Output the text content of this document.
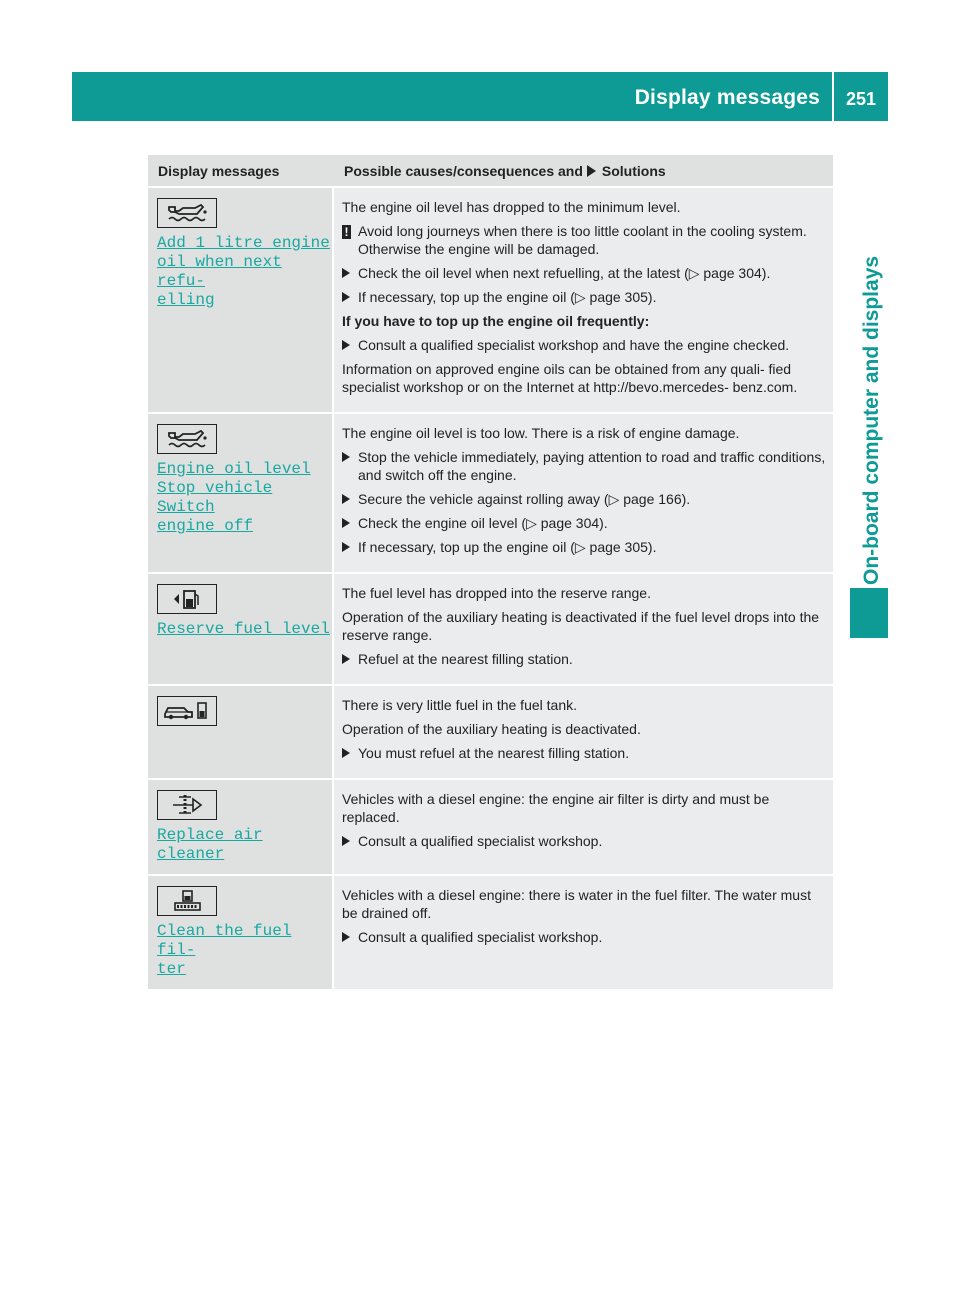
Display messages 251
On-board computer and displays
Display messages	Possible causes/consequences and Solutions
Add 1 litre engine
oil when next refu‐
elling
The engine oil level has dropped to the minimum level.
! Avoid long journeys when there is too little coolant in the cooling system. Otherwise the engine will be damaged.
Check the oil level when next refuelling, at the latest (▷ page 304).
If necessary, top up the engine oil (▷ page 305).
If you have to top up the engine oil frequently:
Consult a qualified specialist workshop and have the engine checked.
Information on approved engine oils can be obtained from any quali‐ fied specialist workshop or on the Internet at http://bevo.mercedes‐ benz.com.
Engine oil level
Stop vehicle Switch
engine off
The engine oil level is too low. There is a risk of engine damage.
Stop the vehicle immediately, paying attention to road and traffic conditions, and switch off the engine.
Secure the vehicle against rolling away (▷ page 166).
Check the engine oil level (▷ page 304).
If necessary, top up the engine oil (▷ page 305).
Reserve fuel level
The fuel level has dropped into the reserve range.
Operation of the auxiliary heating is deactivated if the fuel level drops into the reserve range.
Refuel at the nearest filling station.
There is very little fuel in the fuel tank.
Operation of the auxiliary heating is deactivated.
You must refuel at the nearest filling station.
Replace air cleaner
Vehicles with a diesel engine: the engine air filter is dirty and must be replaced.
Consult a qualified specialist workshop.
Clean the fuel fil‐
ter
Vehicles with a diesel engine: there is water in the fuel filter. The water must be drained off.
Consult a qualified specialist workshop.
